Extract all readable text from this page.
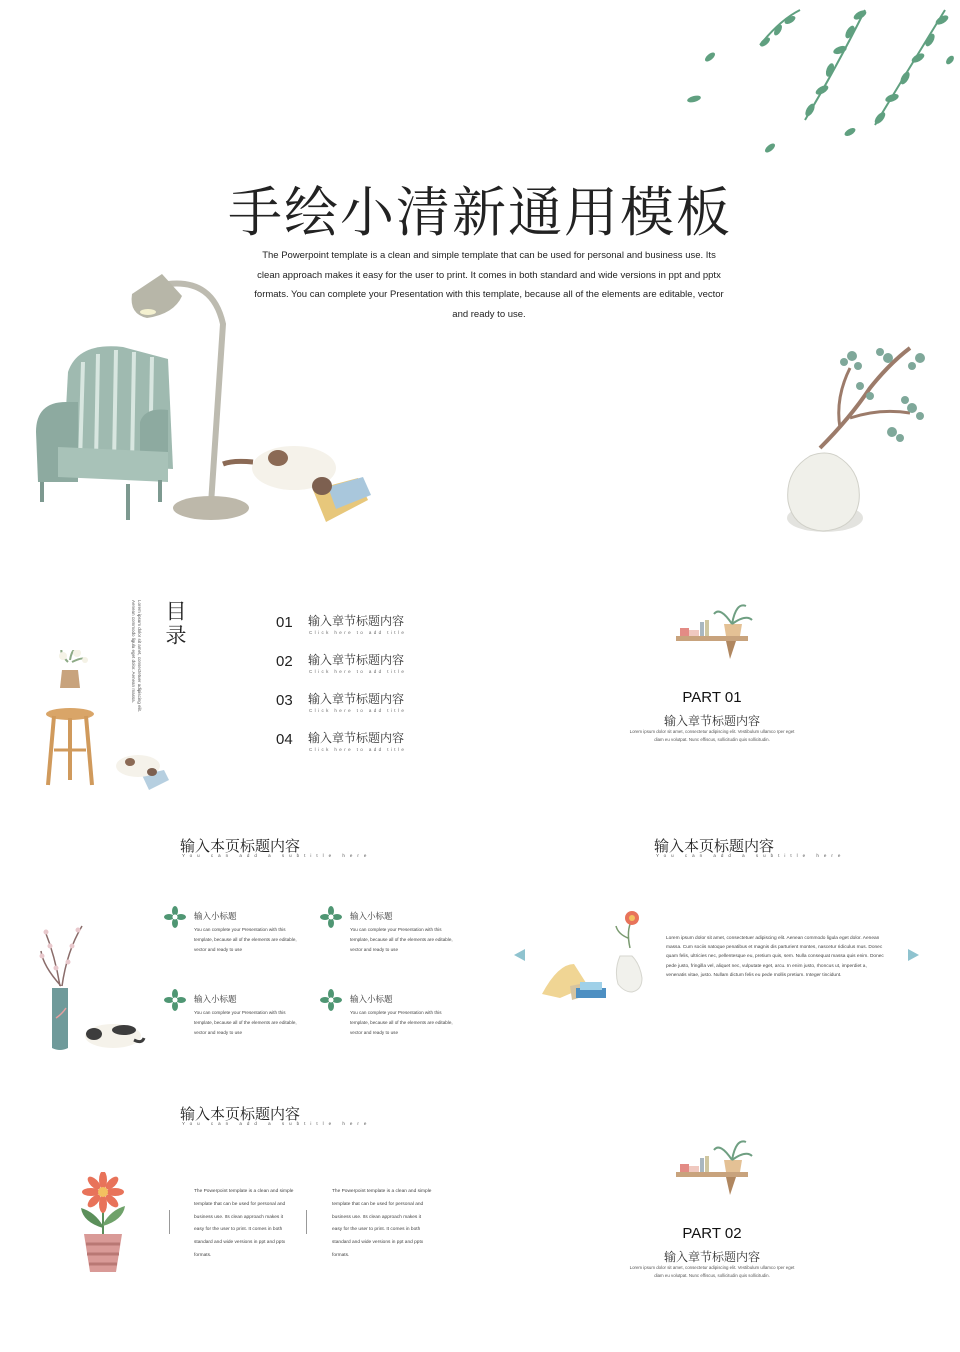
手绘小清新通用模板
The Powerpoint template is a clean and simple template that can be used for personal and business use. Its clean approach makes it easy for the user to print. It comes in both standard and wide versions in ppt and pptx formats. You can complete your Presentation with this template, because all of the elements are editable, vector and ready to use.
Lorem ipsum dolor sit amet, consectetuer adipiscing elit. Aenean commodo ligula eget dolor. Aenean massa. 目录	01 输入章节标题内容
Click here to add title
02 输入章节标题内容
Click here to add title
03 输入章节标题内容
Click here to add title
04 输入章节标题内容
Click here to add title
PART 01
输入章节标题内容
Lorem ipsum dolor sit amet, consectetur adipiscing elit. Vestibulum ullamco rper eget diam eu volutpat. Nunc effiscus, sollicitudin quis sollicitudin.
输入本页标题内容
You can add a subtitle here
输入小标题
You can complete your Presentation with this template, because all of the elements are editable, vector and ready to use
输入小标题
You can complete your Presentation with this template, because all of the elements are editable, vector and ready to use
输入小标题
You can complete your Presentation with this template, because all of the elements are editable, vector and ready to use
输入小标题
You can complete your Presentation with this template, because all of the elements are editable, vector and ready to use
输入本页标题内容
You can add a subtitle here
Lorem ipsum dolor sit amet, consectetuer adipiscing elit. Aenean commodo ligula eget dolor. Aenean massa. Cum sociis natoque penatibus et magnis dis parturient montes, nascetur ridiculus mus. Donec quam felis, ultricies nec, pellentesque eu, pretium quis, sem. Nulla consequat massa quis enim. Donec pede justo, fringilla vel, aliquet nec, vulputate eget, arcu. In enim justo, rhoncus ut, imperdiet a, venenatis vitae, justo. Nullam dictum felis eu pede mollis pretium. Integer tincidunt.
输入本页标题内容
You can add a subtitle here
The Powerpoint template is a clean and simple template that can be used for personal and business use. Its clean approach makes it easy for the user to print. It comes in both standard and wide versions in ppt and pptx formats.
The Powerpoint template is a clean and simple template that can be used for personal and business use. Its clean approach makes it easy for the user to print. It comes in both standard and wide versions in ppt and pptx formats.
PART 02
输入章节标题内容
Lorem ipsum dolor sit amet, consectetur adipiscing elit. Vestibulum ullamco rper eget diam eu volutpat. Nunc effiscus, sollicitudin quis sollicitudin.
